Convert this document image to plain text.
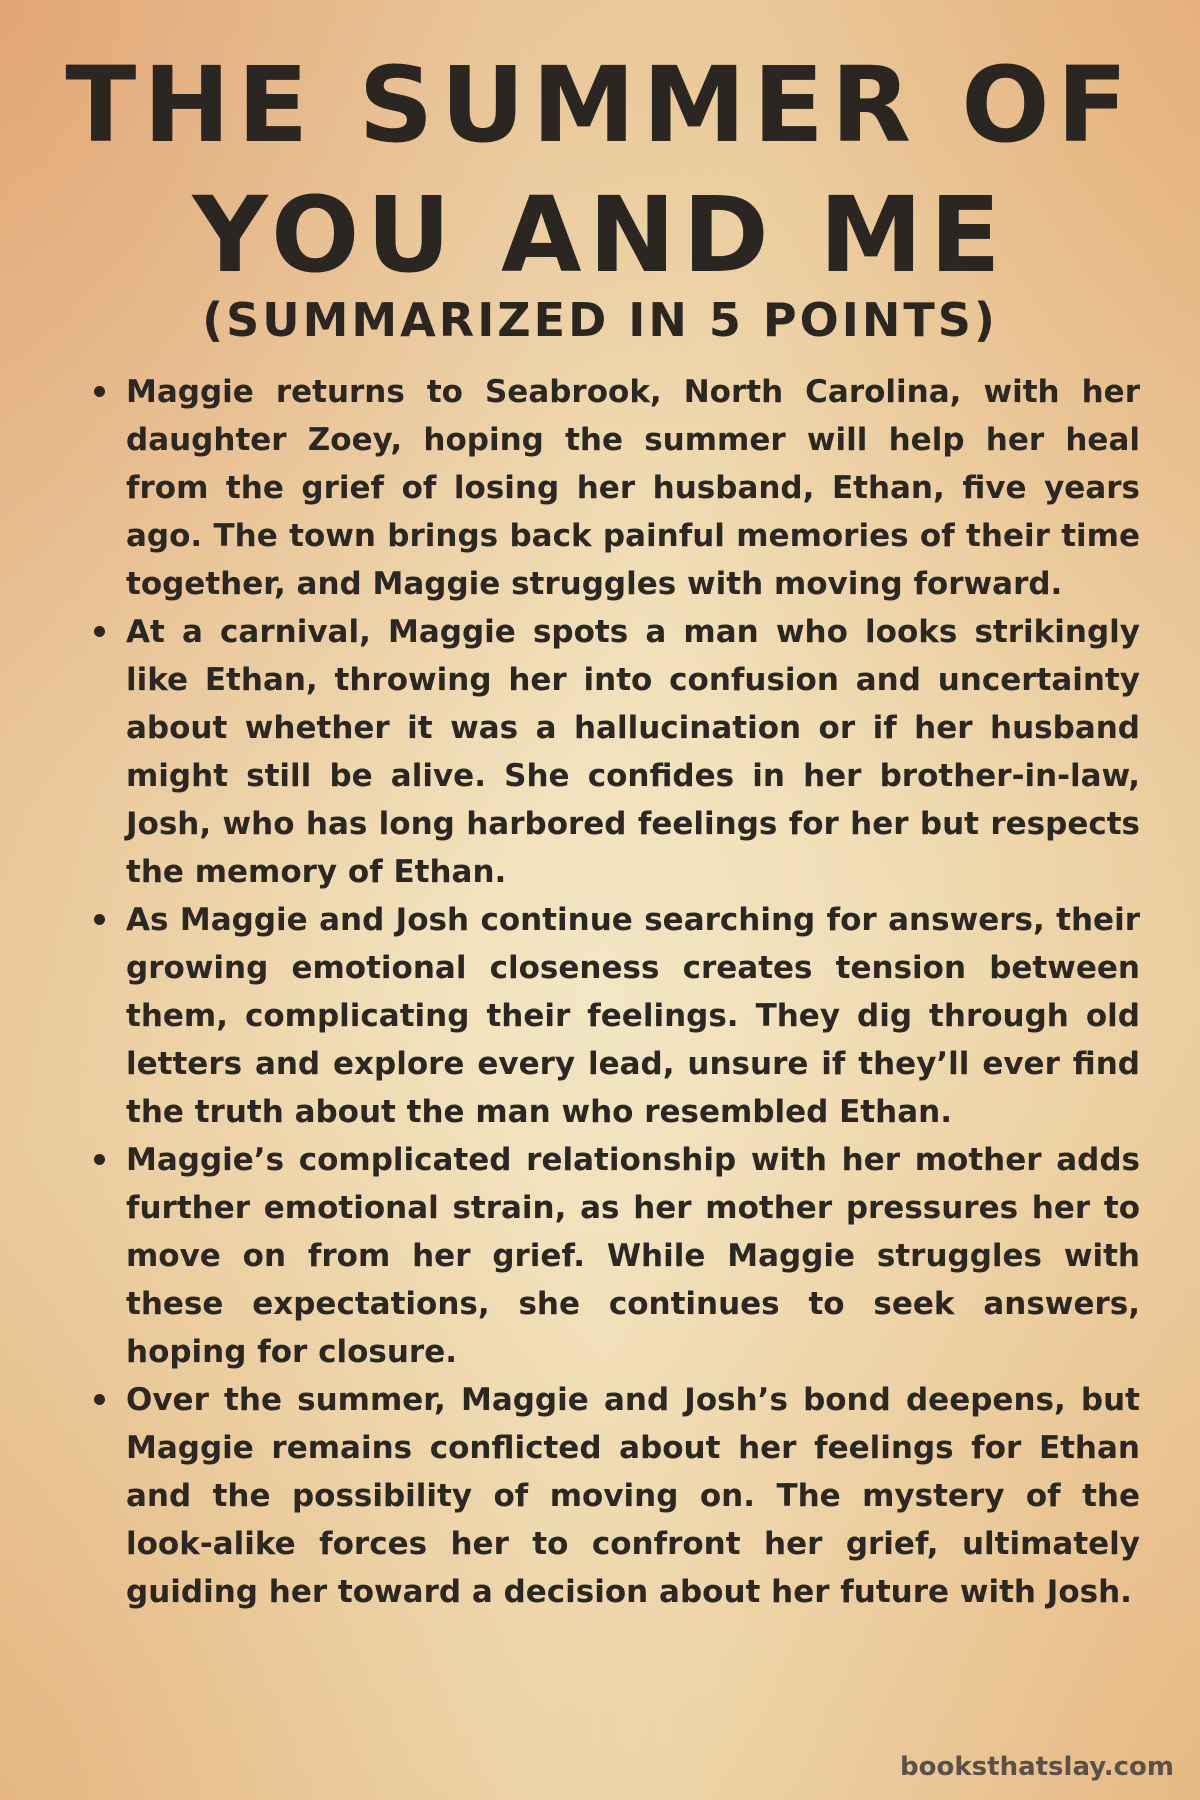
THE SUMMER OF
YOU AND ME
(SUMMARIZED IN 5 POINTS)
Maggie returns to Seabrook, North Carolina, with her daughter Zoey, hoping the summer will help her heal from the grief of losing her husband, Ethan, five years ago. The town brings back painful memories of their time together, and Maggie struggles with moving forward.
At a carnival, Maggie spots a man who looks strikingly like Ethan, throwing her into confusion and uncertainty about whether it was a hallucination or if her husband might still be alive. She confides in her brother-in-law, Josh, who has long harbored feelings for her but respects the memory of Ethan.
As Maggie and Josh continue searching for answers, their growing emotional closeness creates tension between them, complicating their feelings. They dig through old letters and explore every lead, unsure if they’ll ever find the truth about the man who resembled Ethan.
Maggie’s complicated relationship with her mother adds further emotional strain, as her mother pressures her to move on from her grief. While Maggie struggles with these expectations, she continues to seek answers, hoping for closure.
Over the summer, Maggie and Josh’s bond deepens, but Maggie remains conflicted about her feelings for Ethan and the possibility of moving on. The mystery of the look-alike forces her to confront her grief, ultimately guiding her toward a decision about her future with Josh.
booksthatslay.com
